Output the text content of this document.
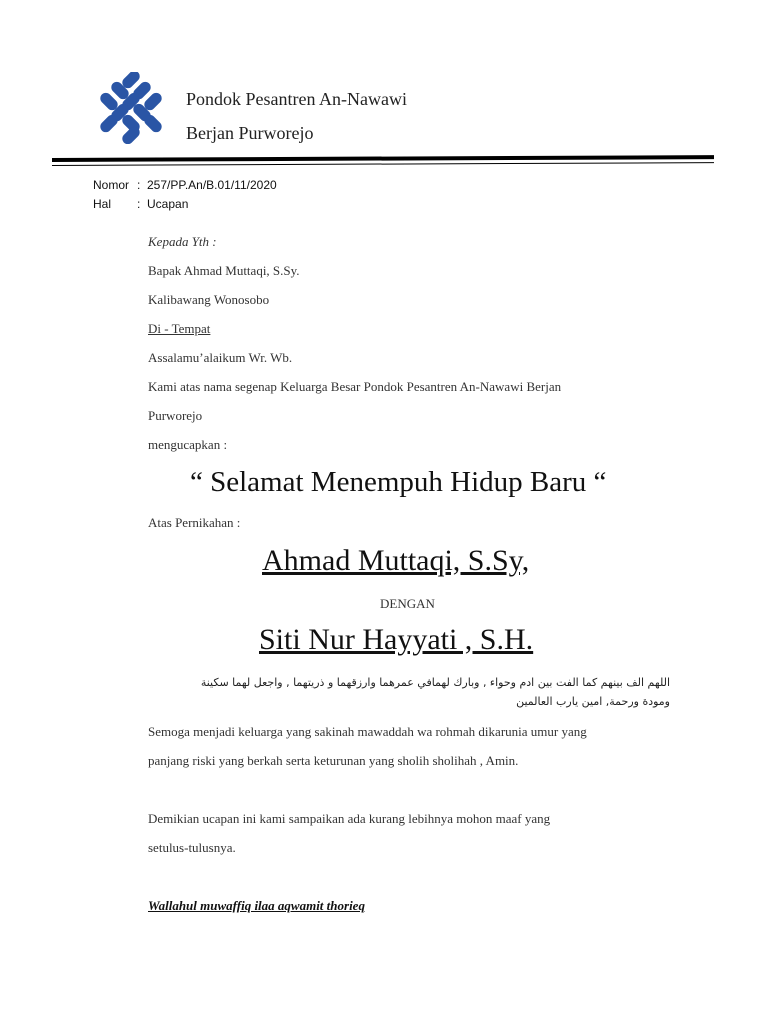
Pondok Pesantren An-Nawawi
Berjan Purworejo
Nomor : 257/PP.An/B.01/11/2020
Hal : Ucapan
Kepada Yth :
Bapak Ahmad Muttaqi, S.Sy.
Kalibawang Wonosobo
Di - Tempat
Assalamu’alaikum Wr. Wb.
Kami atas nama segenap Keluarga Besar Pondok Pesantren An-Nawawi Berjan
Purworejo
mengucapkan :
“ Selamat Menempuh Hidup Baru “
Atas Pernikahan :
Ahmad Muttaqi, S.Sy,
DENGAN
Siti Nur Hayyati , S.H.
اللهم الف بينهم كما الفت بين ادم وحواء , وبارك لهمافي عمرهما وارزقهما و ذريتهما , واجعل لهما سكينة
ومودة ورحمة, امين يارب العالمين
Semoga menjadi keluarga yang sakinah mawaddah wa rohmah dikarunia umur yang
panjang riski yang berkah serta keturunan yang sholih sholihah , Amin.
Demikian ucapan ini kami sampaikan ada kurang lebihnya mohon maaf yang
setulus-tulusnya.
Wallahul muwaffiq ilaa aqwamit thorieq
